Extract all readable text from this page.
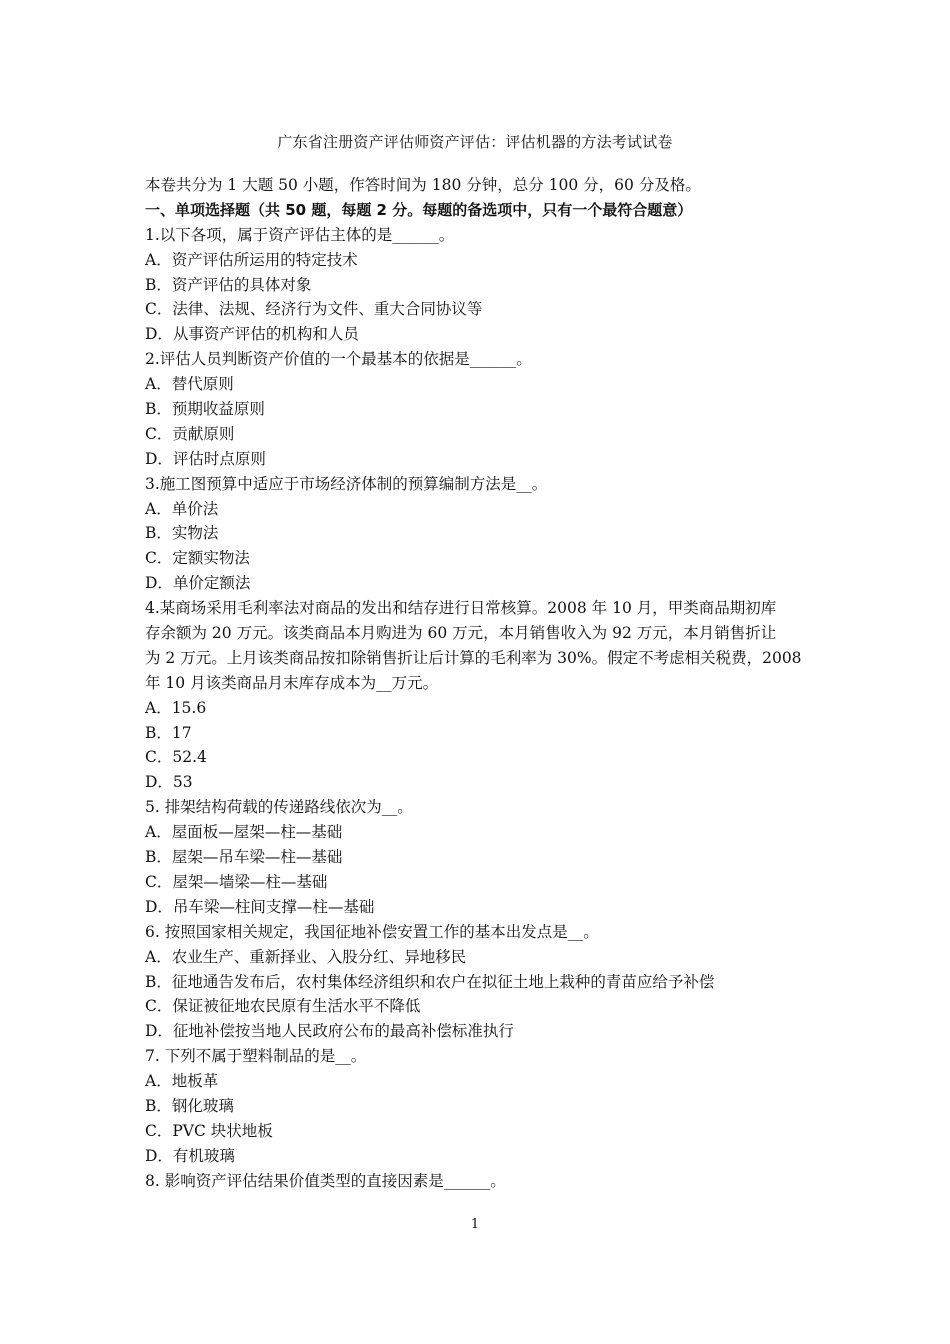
广东省注册资产评估师资产评估：评估机器的方法考试试卷
本卷共分为 1 大题 50 小题，作答时间为 180 分钟，总分 100 分，60 分及格。
一、单项选择题（共 50 题，每题 2 分。每题的备选项中，只有一个最符合题意）
1.以下各项，属于资产评估主体的是______。
A．资产评估所运用的特定技术
B．资产评估的具体对象
C．法律、法规、经济行为文件、重大合同协议等
D．从事资产评估的机构和人员
2.评估人员判断资产价值的一个最基本的依据是______。
A．替代原则
B．预期收益原则
C．贡献原则
D．评估时点原则
3.施工图预算中适应于市场经济体制的预算编制方法是__。
A．单价法
B．实物法
C．定额实物法
D．单价定额法
4.某商场采用毛利率法对商品的发出和结存进行日常核算。2008 年 10 月，甲类商品期初库
存余额为 20 万元。该类商品本月购进为 60 万元，本月销售收入为 92 万元，本月销售折让
为 2 万元。上月该类商品按扣除销售折让后计算的毛利率为 30%。假定不考虑相关税费，2008
年 10 月该类商品月末库存成本为__万元。
A．15.6
B．17
C．52.4
D．53
5. 排架结构荷载的传递路线依次为__。
A．屋面板—屋架—柱—基础
B．屋架—吊车梁—柱—基础
C．屋架—墙梁—柱—基础
D．吊车梁—柱间支撑—柱—基础
6. 按照国家相关规定，我国征地补偿安置工作的基本出发点是__。
A．农业生产、重新择业、入股分红、异地移民
B．征地通告发布后，农村集体经济组织和农户在拟征土地上栽种的青苗应给予补偿
C．保证被征地农民原有生活水平不降低
D．征地补偿按当地人民政府公布的最高补偿标准执行
7. 下列不属于塑料制品的是__。
A．地板革
B．钢化玻璃
C．PVC 块状地板
D．有机玻璃
8. 影响资产评估结果价值类型的直接因素是______。
1
